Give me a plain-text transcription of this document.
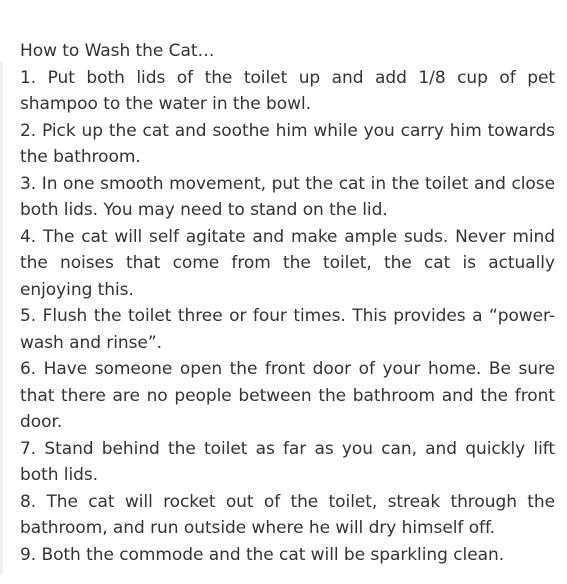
How to Wash the Cat…

1. Put both lids of the toilet up and add 1/8 cup of pet shampoo to the water in the bowl.

2. Pick up the cat and soothe him while you carry him towards the bathroom.

3. In one smooth movement, put the cat in the toilet and close both lids. You may need to stand on the lid.

4. The cat will self agitate and make ample suds. Never mind the noises that come from the toilet, the cat is actually enjoying this.

5. Flush the toilet three or four times. This provides a “power-wash and rinse”.

6. Have someone open the front door of your home. Be sure that there are no people between the bathroom and the front door.

7. Stand behind the toilet as far as you can, and quickly lift both lids.

8. The cat will rocket out of the toilet, streak through the bathroom, and run outside where he will dry himself off.

9. Both the commode and the cat will be sparkling clean.
